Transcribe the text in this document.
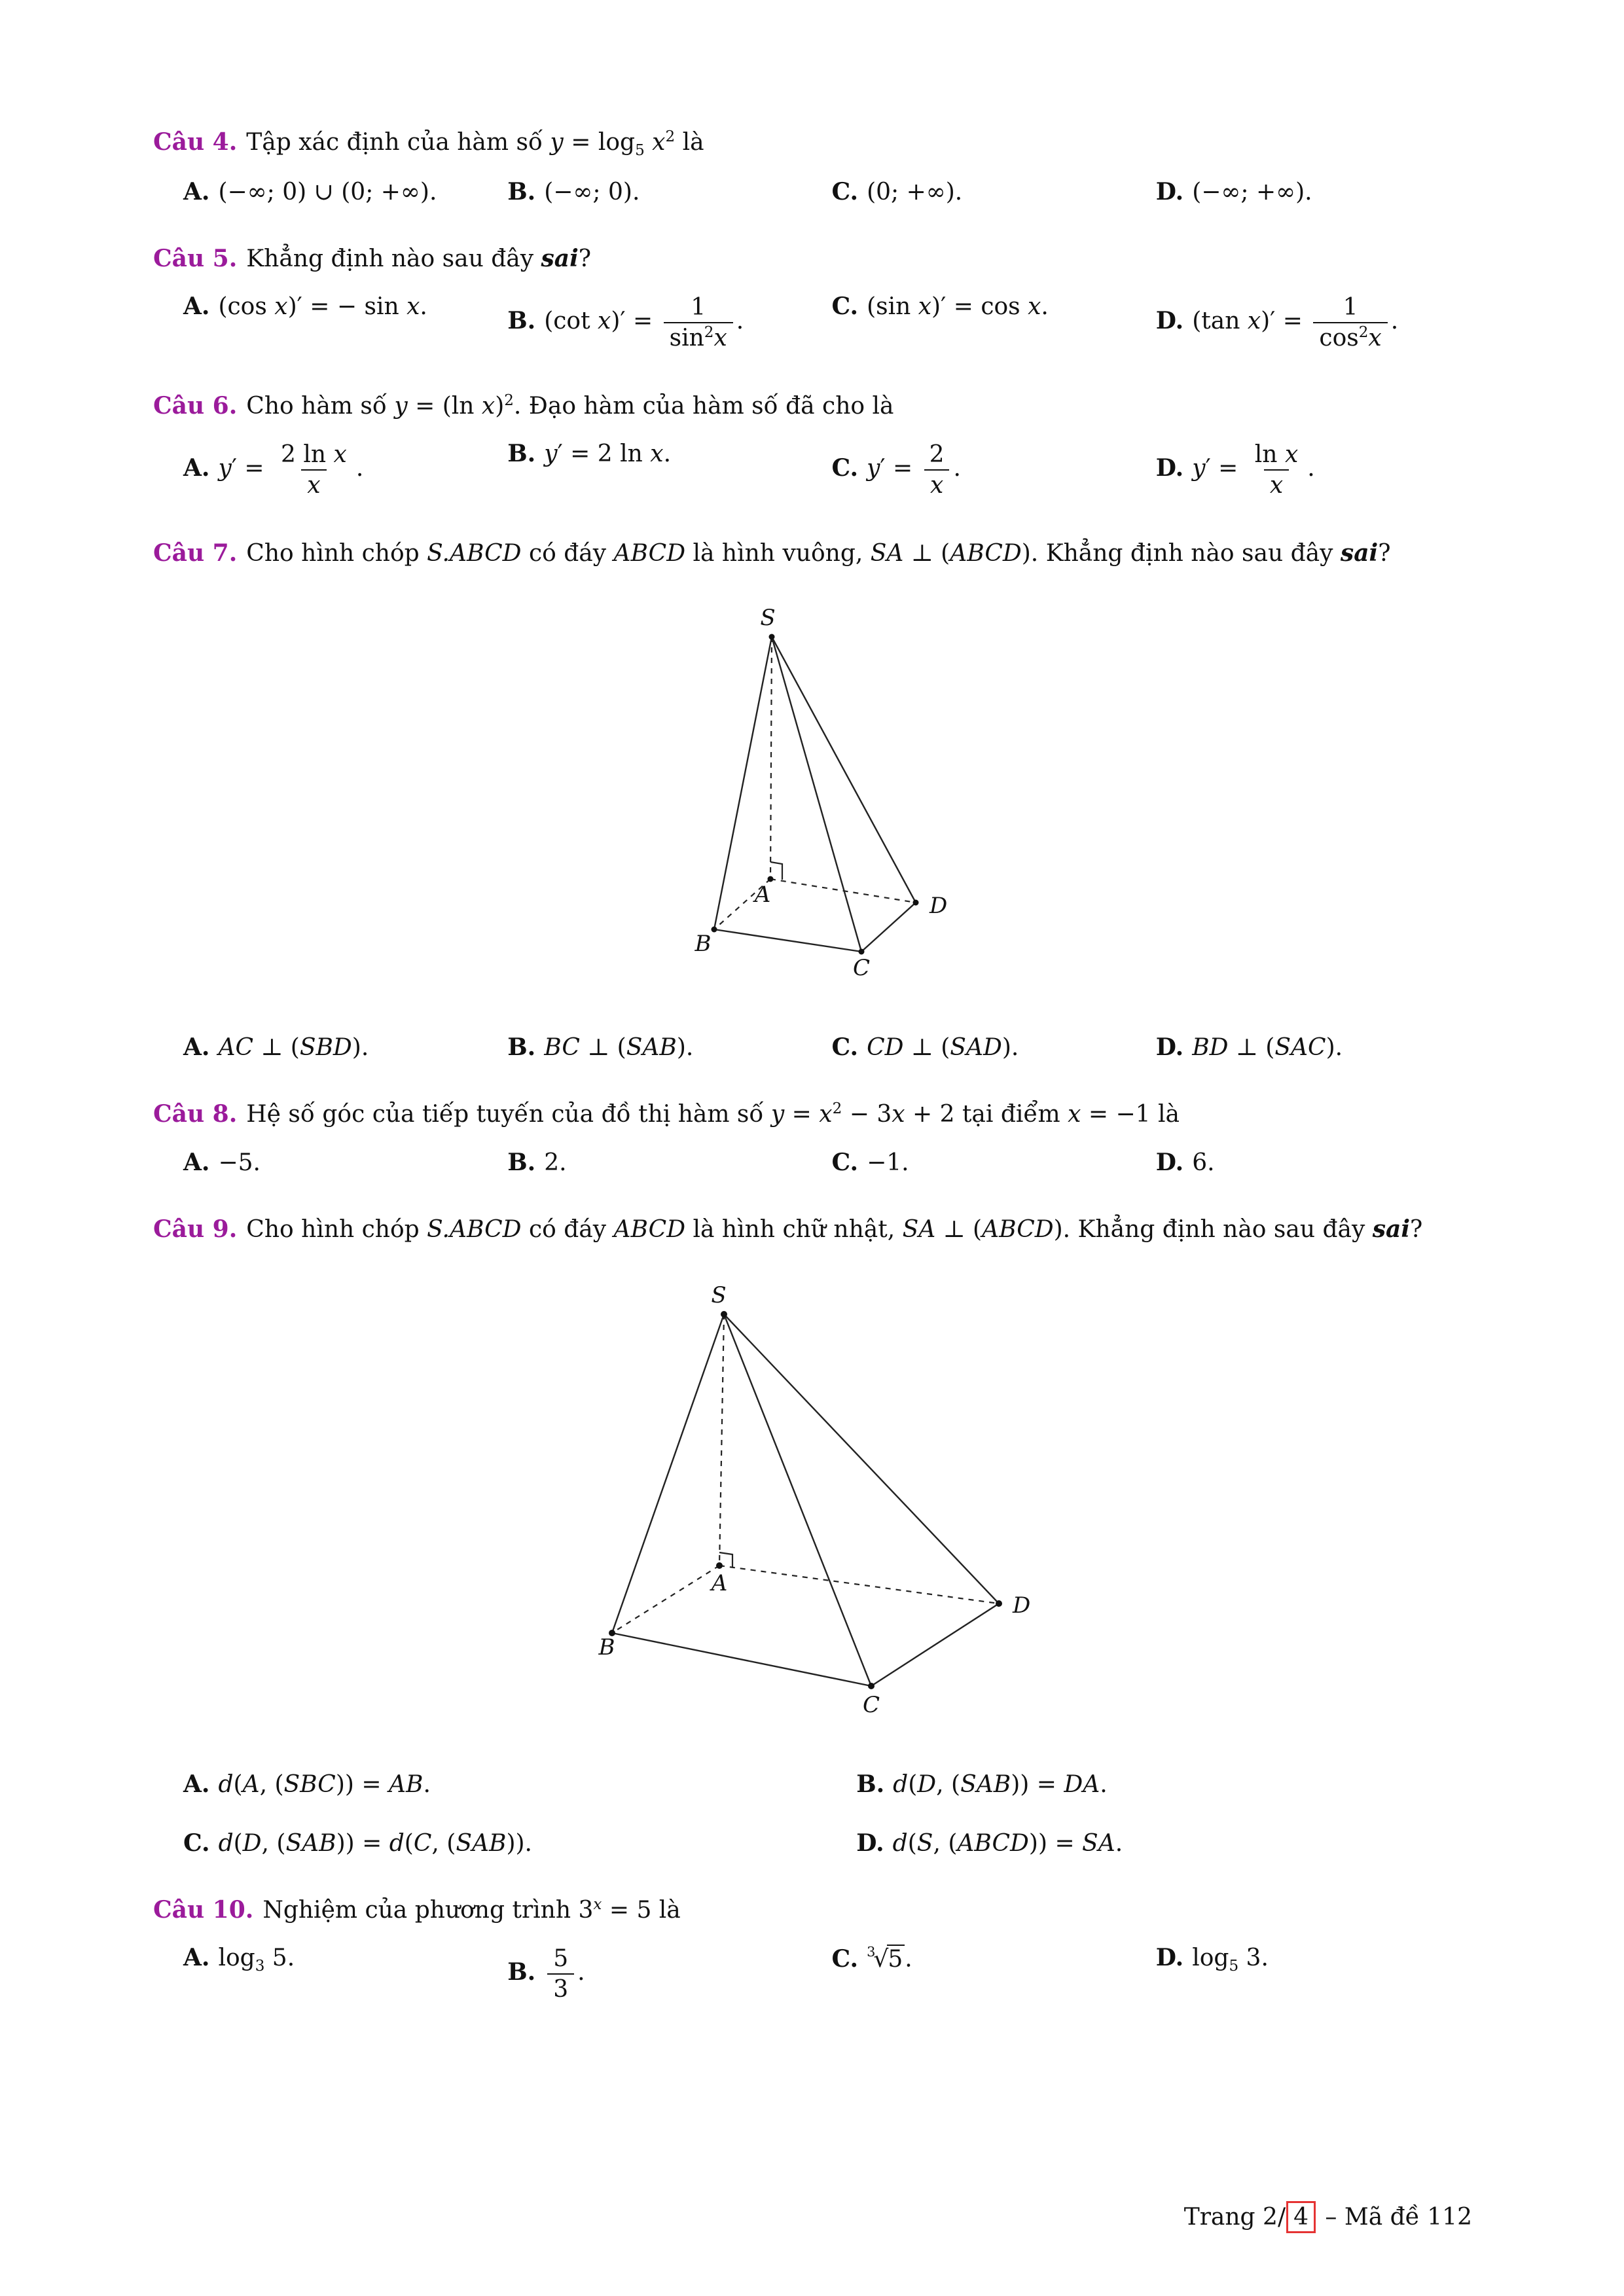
Câu 4. Tập xác định của hàm số $y = \log_5 x^2$ là

A. (−∞; 0) ∪ (0; +∞).	B. (−∞; 0).	C. (0; +∞).	D. (−∞; +∞).

Câu 5. Khẳng định nào sau đây sai?

A. (cos x)′ = − sin x.
B. (cot $x)' = \frac{1}{\sin^2x}$ .
C. (sin x)′ = cos x.
D. (tan $x)' = \frac{1}{\cos^2x}$ .

Câu 6. Cho hàm số y = (ln x)$^2$. Đạo hàm của hàm số đã cho là

A. $y' = \frac{\text{2 ln x}}{x}$ .
B. y′ = 2 ln x.
C. $y' = \frac{2}{x}$ .	D. $y' = \frac{\text{ln x}}{x}$ .

Câu 7. Cho hình chóp S.ABCD có đáy ABCD là hình vuông, SA ⊥ (ABCD). Khẳng định nào sau đây sai?

S
A
B
C
D
A. AC ⊥ (SBD).	B. BC ⊥ (SAB).	C. CD ⊥ (SAD).	D. BD ⊥ (SAC).

Câu 8. Hệ số góc của tiếp tuyến của đồ thị hàm số $y = x^2 - 3x + 2$ tại điểm x = −1 là

A. −5.	B. 2.	C. −1.	D. 6.

Câu 9. Cho hình chóp S.ABCD có đáy ABCD là hình chữ nhật, SA ⊥ (ABCD). Khẳng định nào sau đây sai?

S
A
B
C
D
A. d(A, (SBC)) = AB.	B. d(D, (SAB)) = DA.
C. d(D, (SAB)) = d(C, (SAB)).	D. d(S, (ABCD)) = SA.

Câu 10. Nghiệm của phương trình $3^x = 5$ là

A. $\log_3 5$.
B. $\frac{5}{3}$ .	C. $^3$√5.	D. $\log_5 3$.
Trang 2/ 4 – Mã đề 112
